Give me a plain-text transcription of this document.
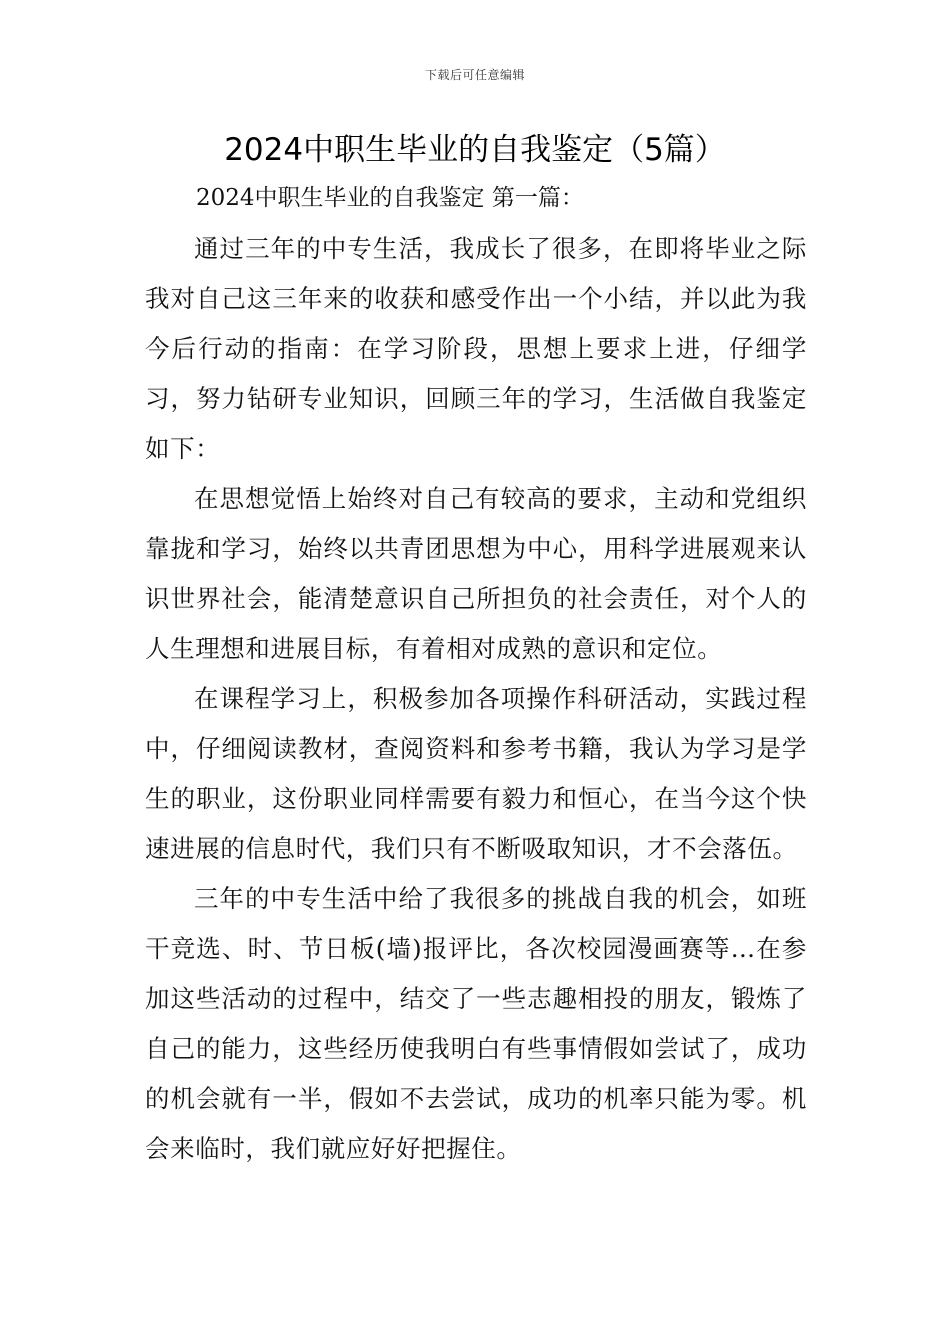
下载后可任意编辑
2024中职生毕业的自我鉴定（5篇）
2024中职生毕业的自我鉴定 第一篇：

通过三年的中专生活，我成长了很多，在即将毕业之际我对自己这三年来的收获和感受作出一个小结，并以此为我今后行动的指南：在学习阶段，思想上要求上进，仔细学习，努力钻研专业知识，回顾三年的学习，生活做自我鉴定如下：

在思想觉悟上始终对自己有较高的要求，主动和党组织靠拢和学习，始终以共青团思想为中心，用科学进展观来认识世界社会，能清楚意识自己所担负的社会责任，对个人的人生理想和进展目标，有着相对成熟的意识和定位。

在课程学习上，积极参加各项操作科研活动，实践过程中，仔细阅读教材，查阅资料和参考书籍，我认为学习是学生的职业，这份职业同样需要有毅力和恒心，在当今这个快速进展的信息时代，我们只有不断吸取知识，才不会落伍。

三年的中专生活中给了我很多的挑战自我的机会，如班干竞选、时、节日板(墙)报评比，各次校园漫画赛等…在参加这些活动的过程中，结交了一些志趣相投的朋友，锻炼了自己的能力，这些经历使我明白有些事情假如尝试了，成功的机会就有一半，假如不去尝试，成功的机率只能为零。机会来临时，我们就应好好把握住。
